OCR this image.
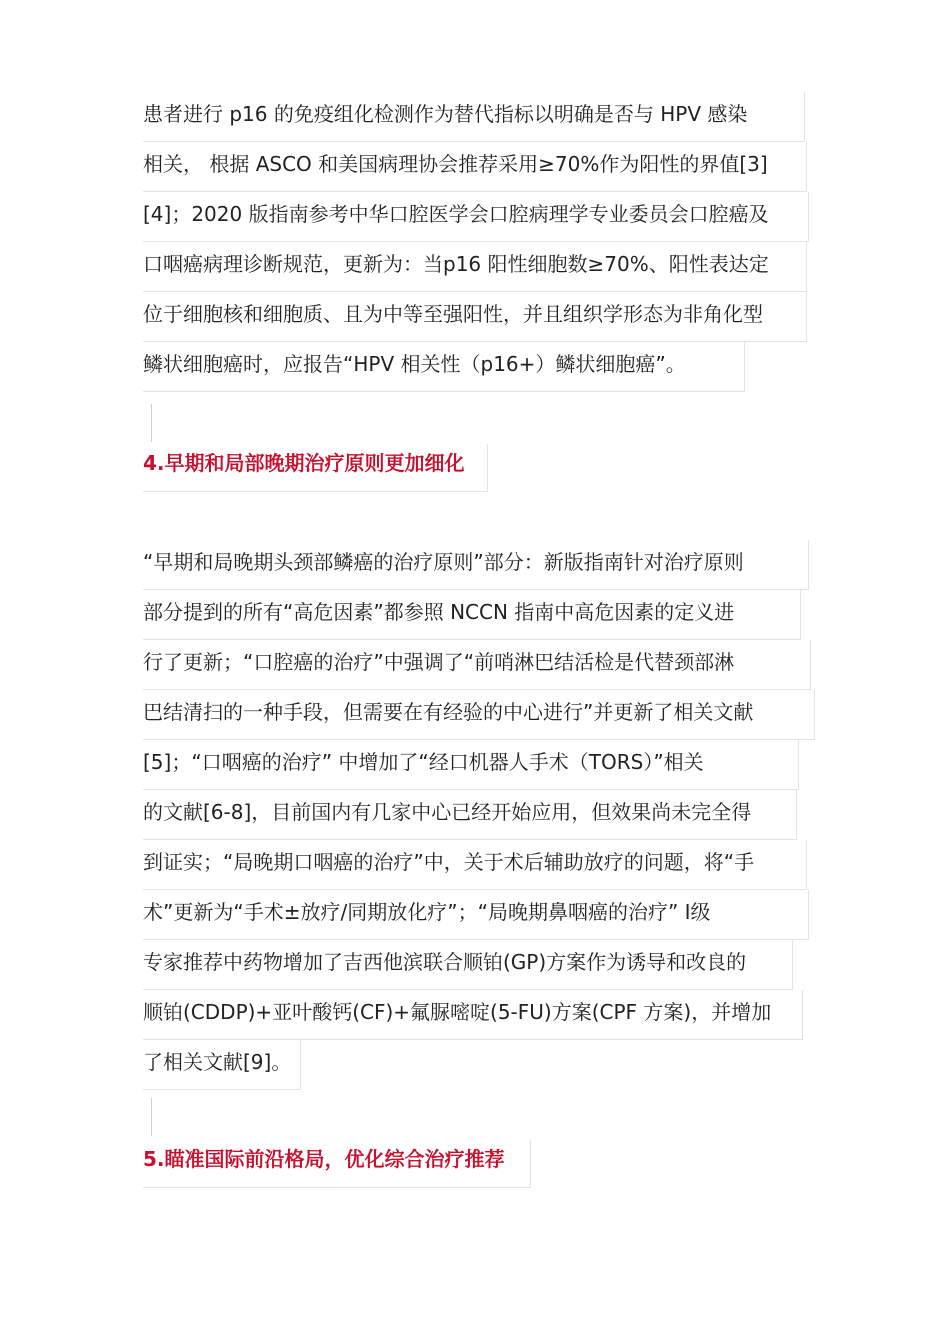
患者进行 p16 的免疫组化检测作为替代指标以明确是否与 HPV 感染
相关， 根据 ASCO 和美国病理协会推荐采用≥70%作为阳性的界值[3]
[4]；2020 版指南参考中华口腔医学会口腔病理学专业委员会口腔癌及
口咽癌病理诊断规范，更新为：当p16 阳性细胞数≥70%、阳性表达定
位于细胞核和细胞质、且为中等至强阳性，并且组织学形态为非角化型
鳞状细胞癌时，应报告“HPV 相关性（p16+）鳞状细胞癌”。
4.早期和局部晚期治疗原则更加细化
“早期和局晚期头颈部鳞癌的治疗原则”部分：新版指南针对治疗原则
部分提到的所有“高危因素”都参照 NCCN 指南中高危因素的定义进
行了更新；“口腔癌的治疗”中强调了“前哨淋巴结活检是代替颈部淋
巴结清扫的一种手段，但需要在有经验的中心进行”并更新了相关文献
[5]；“口咽癌的治疗” 中增加了“经口机器人手术（TORS）”相关
的文献[6-8]，目前国内有几家中心已经开始应用，但效果尚未完全得
到证实；“局晚期口咽癌的治疗”中，关于术后辅助放疗的问题，将“手
术”更新为“手术±放疗/同期放化疗”；“局晚期鼻咽癌的治疗” Ⅰ级
专家推荐中药物增加了吉西他滨联合顺铂(GP)方案作为诱导和改良的
顺铂(CDDP)+亚叶酸钙(CF)+氟脲嘧啶(5-FU)方案(CPF 方案)，并增加
了相关文献[9]。
5.瞄准国际前沿格局，优化综合治疗推荐
